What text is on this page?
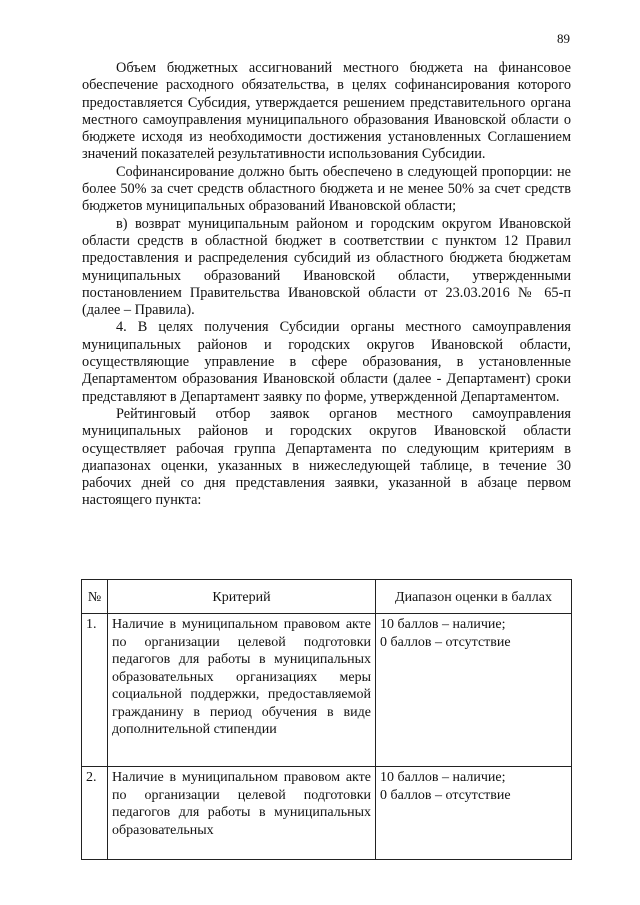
89

Объем бюджетных ассигнований местного бюджета на финансовое обеспечение расходного обязательства, в целях софинансирования которого предоставляется Субсидия, утверждается решением представительного органа местного самоуправления муниципального образования Ивановской области о бюджете исходя из необходимости достижения установленных Соглашением значений показателей результативности использования Субсидии.

Софинансирование должно быть обеспечено в следующей пропорции: не более 50% за счет средств областного бюджета и не менее 50% за счет средств бюджетов муниципальных образований Ивановской области;

в) возврат муниципальным районом и городским округом Ивановской области средств в областной бюджет в соответствии с пунктом 12 Правил предоставления и распределения субсидий из областного бюджета бюджетам муниципальных образований Ивановской области, утвержденными постановлением Правительства Ивановской области от 23.03.2016 № 65-п (далее – Правила).

4. В целях получения Субсидии органы местного самоуправления муниципальных районов и городских округов Ивановской области, осуществляющие управление в сфере образования, в установленные Департаментом образования Ивановской области (далее - Департамент) сроки представляют в Департамент заявку по форме, утвержденной Департаментом.

Рейтинговый отбор заявок органов местного самоуправления муниципальных районов и городских округов Ивановской области осуществляет рабочая группа Департамента по следующим критериям в диапазонах оценки, указанных в нижеследующей таблице, в течение 30 рабочих дней со дня представления заявки, указанной в абзаце первом настоящего пункта:

№	Критерий	Диапазон оценки в баллах
1.	Наличие в муниципальном правовом акте по организации целевой подготовки педагогов для работы в муниципальных образовательных организациях меры социальной поддержки, предоставляемой гражданину в период обучения в виде дополнительной стипендии	10 баллов – наличие;
0 баллов – отсутствие

2.	Наличие в муниципальном правовом акте по организации целевой подготовки педагогов для работы в муниципальных образовательных	10 баллов – наличие;
0 баллов – отсутствие
